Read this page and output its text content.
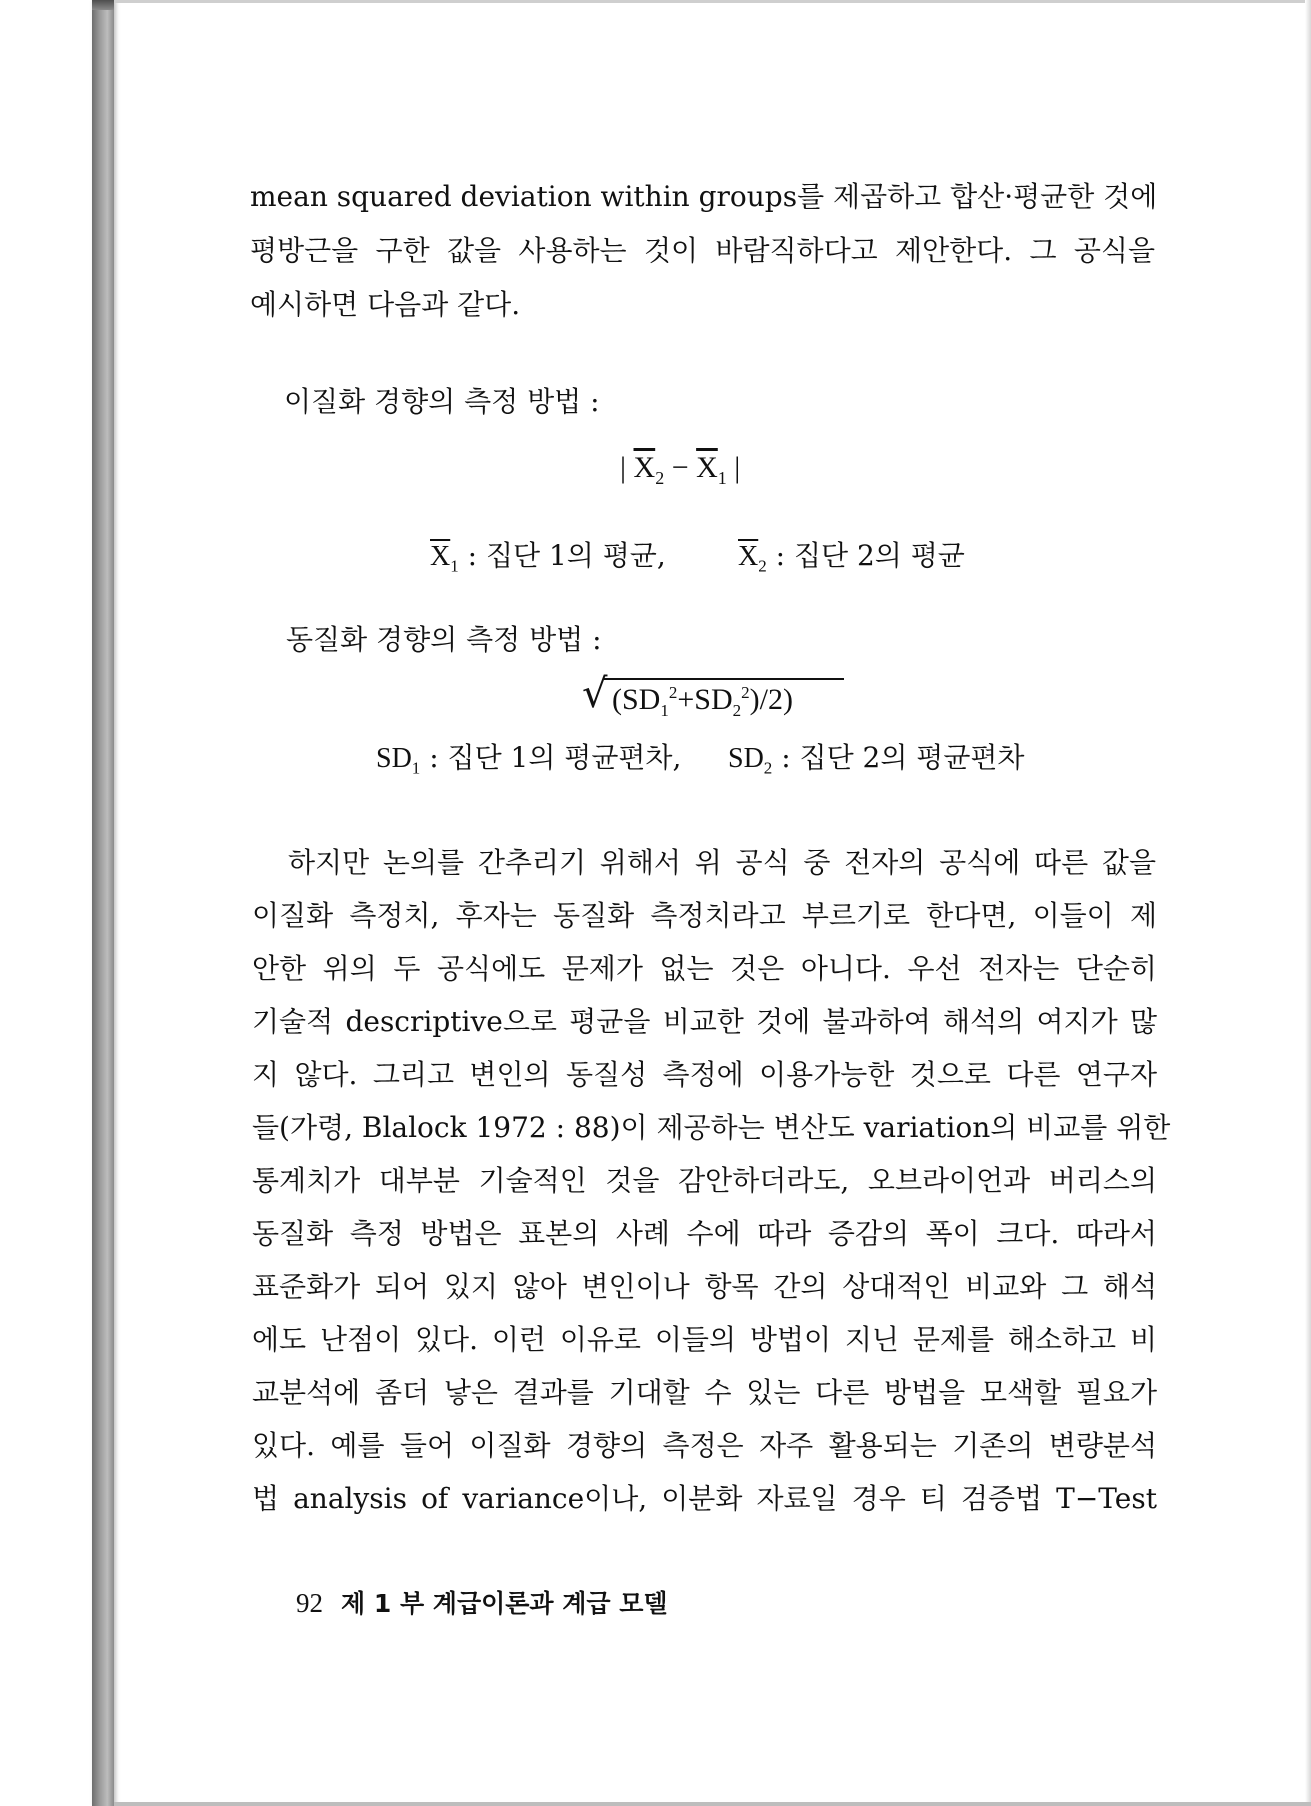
mean squared deviation within groups를 제곱하고 합산·평균한 것에
평방근을 구한 값을 사용하는 것이 바람직하다고 제안한다. 그 공식을
예시하면 다음과 같다.
이질화 경향의 측정 방법 :
| $\overline{X}_2 - \overline{X}_1$ |
$\overline{X}_1$ : 집단 1의 평균,	$\overline{X}_2$ : 집단 2의 평균
동질화 경향의 측정 방법 :
√ $(SD_1^2+SD_2^2)/2$)
$SD_1$ : 집단 1의 평균편차, $SD_2$ : 집단 2의 평균편차
하지만 논의를 간추리기 위해서 위 공식 중 전자의 공식에 따른 값을
이질화 측정치, 후자는 동질화 측정치라고 부르기로 한다면, 이들이 제
안한 위의 두 공식에도 문제가 없는 것은 아니다. 우선 전자는 단순히
기술적 descriptive으로 평균을 비교한 것에 불과하여 해석의 여지가 많
지 않다. 그리고 변인의 동질성 측정에 이용가능한 것으로 다른 연구자
들(가령, Blalock 1972 : 88)이 제공하는 변산도 variation의 비교를 위한
통계치가 대부분 기술적인 것을 감안하더라도, 오브라이언과 버리스의
동질화 측정 방법은 표본의 사례 수에 따라 증감의 폭이 크다. 따라서
표준화가 되어 있지 않아 변인이나 항목 간의 상대적인 비교와 그 해석
에도 난점이 있다. 이런 이유로 이들의 방법이 지닌 문제를 해소하고 비
교분석에 좀더 낳은 결과를 기대할 수 있는 다른 방법을 모색할 필요가
있다. 예를 들어 이질화 경향의 측정은 자주 활용되는 기존의 변량분석
법 analysis of variance이나, 이분화 자료일 경우 티 검증법 T−Test
92 제 1 부 계급이론과 계급 모델
